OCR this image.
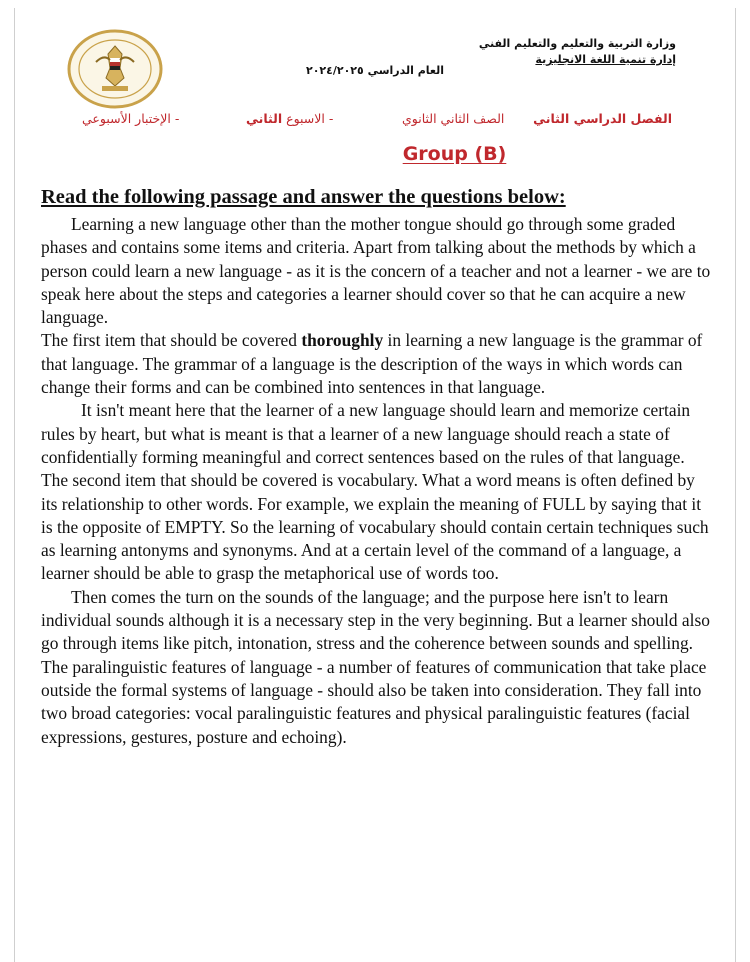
وزارة التربية والتعليم والتعليم الفني
إدارة تنمية اللغة الانجليزية
العام الدراسي ٢٠٢٤/٢٠٢٥
الفصل الدراسي الثاني
الصف الثاني الثانوي
- الاسبوع الثاني
- الإختبار الأسبوعي
Group (B)
Read the following passage and answer the questions below:

Learning a new language other than the mother tongue should go through some graded phases and contains some items and criteria. Apart from talking about the methods by which a person could learn a new language - as it is the concern of a teacher and not a learner - we are to speak here about the steps and categories a learner should cover so that he can acquire a new language.

The first item that should be covered thoroughly in learning a new language is the grammar of that language. The grammar of a language is the description of the ways in which words can change their forms and can be combined into sentences in that language.

It isn't meant here that the learner of a new language should learn and memorize certain rules by heart, but what is meant is that a learner of a new language should reach a state of confidentially forming meaningful and correct sentences based on the rules of that language.

The second item that should be covered is vocabulary. What a word means is often defined by its relationship to other words. For example, we explain the meaning of FULL by saying that it is the opposite of EMPTY. So the learning of vocabulary should contain certain techniques such as learning antonyms and synonyms. And at a certain level of the command of a language, a learner should be able to grasp the metaphorical use of words too.

Then comes the turn on the sounds of the language; and the purpose here isn't to learn individual sounds although it is a necessary step in the very beginning. But a learner should also go through items like pitch, intonation, stress and the coherence between sounds and spelling. The paralinguistic features of language - a number of features of communication that take place outside the formal systems of language - should also be taken into consideration. They fall into two broad categories: vocal paralinguistic features and physical paralinguistic features (facial expressions, gestures, posture and echoing).
